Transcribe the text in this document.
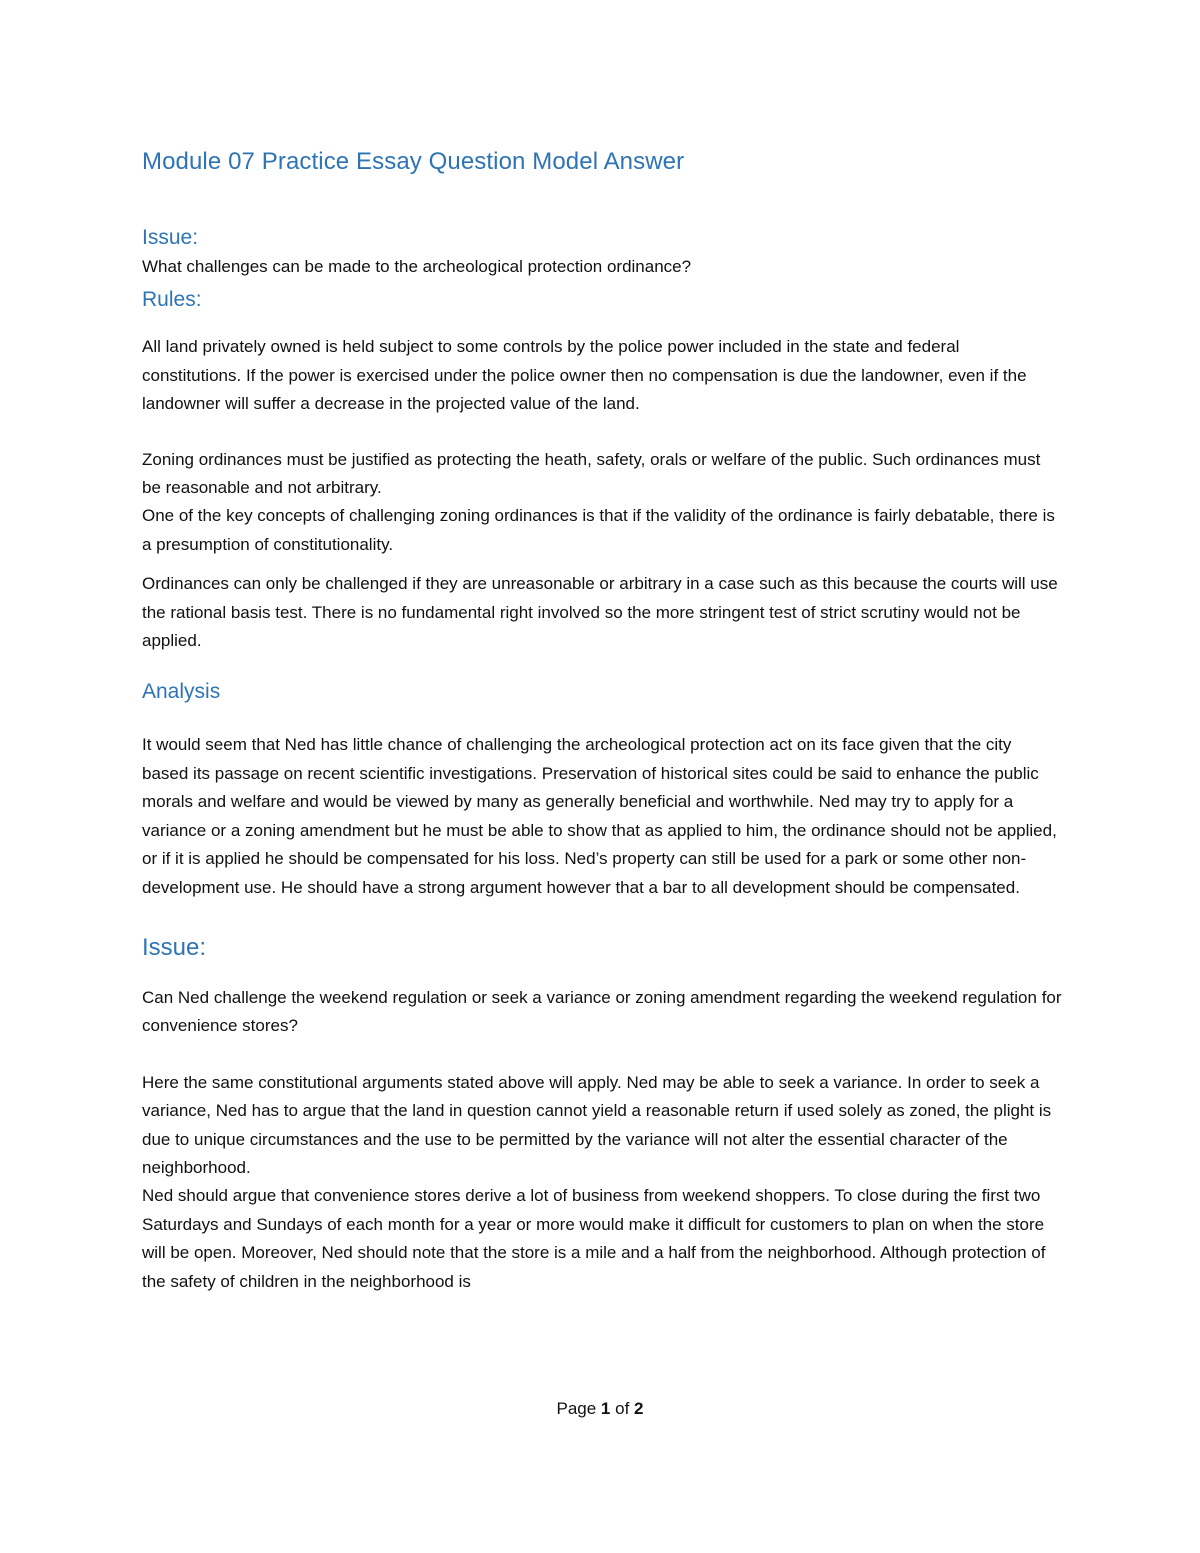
Module 07 Practice Essay Question Model Answer
Issue:

What challenges can be made to the archeological protection ordinance?

Rules:

All land privately owned is held subject to some controls by the police power included in the state and federal constitutions. If the power is exercised under the police owner then no compensation is due the landowner, even if the landowner will suffer a decrease in the projected value of the land.

Zoning ordinances must be justified as protecting the heath, safety, orals or welfare of the public. Such ordinances must be reasonable and not arbitrary.

One of the key concepts of challenging zoning ordinances is that if the validity of the ordinance is fairly debatable, there is a presumption of constitutionality.

Ordinances can only be challenged if they are unreasonable or arbitrary in a case such as this because the courts will use the rational basis test. There is no fundamental right involved so the more stringent test of strict scrutiny would not be applied.

Analysis

It would seem that Ned has little chance of challenging the archeological protection act on its face given that the city based its passage on recent scientific investigations. Preservation of historical sites could be said to enhance the public morals and welfare and would be viewed by many as generally beneficial and worthwhile. Ned may try to apply for a variance or a zoning amendment but he must be able to show that as applied to him, the ordinance should not be applied, or if it is applied he should be compensated for his loss. Ned’s property can still be used for a park or some other non-development use. He should have a strong argument however that a bar to all development should be compensated.

Issue:

Can Ned challenge the weekend regulation or seek a variance or zoning amendment regarding the weekend regulation for convenience stores?

Here the same constitutional arguments stated above will apply. Ned may be able to seek a variance. In order to seek a variance, Ned has to argue that the land in question cannot yield a reasonable return if used solely as zoned, the plight is due to unique circumstances and the use to be permitted by the variance will not alter the essential character of the neighborhood.

Ned should argue that convenience stores derive a lot of business from weekend shoppers. To close during the first two Saturdays and Sundays of each month for a year or more would make it difficult for customers to plan on when the store will be open. Moreover, Ned should note that the store is a mile and a half from the neighborhood. Although protection of the safety of children in the neighborhood is

Page 1 of 2
